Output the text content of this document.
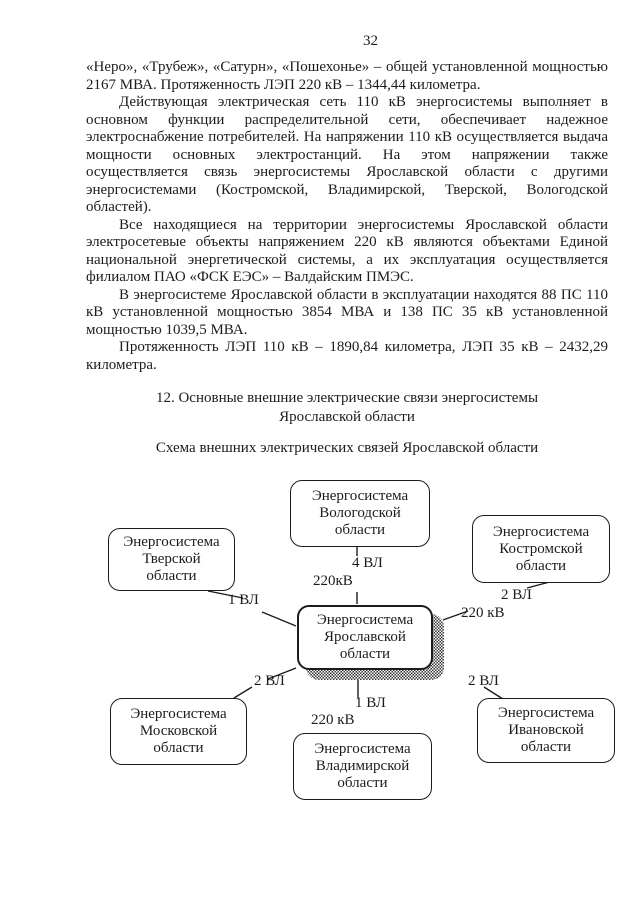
32

«Неро», «Трубеж», «Сатурн», «Пошехонье» – общей установленной мощностью 2167 МВА. Протяженность ЛЭП 220 кВ – 1344,44 километра.

Действующая электрическая сеть 110 кВ энергосистемы выполняет в основном функции распределительной сети, обеспечивает надежное электроснабжение потребителей. На напряжении 110 кВ осуществляется выдача мощности основных электростанций. На этом напряжении также осуществляется связь энергосистемы Ярославской области с другими энергосистемами (Костромской, Владимирской, Тверской, Вологодской областей).

Все находящиеся на территории энергосистемы Ярославской области электросетевые объекты напряжением 220 кВ являются объектами Единой национальной энергетической системы, а их эксплуатация осуществляется филиалом ПАО «ФСК ЕЭС» – Валдайским ПМЭС.

В энергосистеме Ярославской области в эксплуатации находятся 88 ПС 110 кВ установленной мощностью 3854 МВА и 138 ПС 35 кВ установленной мощностью 1039,5 МВА.

Протяженность ЛЭП 110 кВ – 1890,84 километра, ЛЭП 35 кВ – 2432,29 километра.

12. Основные внешние электрические связи энергосистемы
Ярославской области
Схема внешних электрических связей Ярославской области
Энергосистема
Вологодской
области
Энергосистема
Тверской
области
Энергосистема
Костромской
области
Энергосистема
Ярославской
области
Энергосистема
Московской
области	Энергосистема
Владимирской
области
Энергосистема
Ивановской
области
4 ВЛ
220кВ
1 ВЛ	2 ВЛ
220 кВ
2 ВЛ
1 ВЛ
220 кВ
2 ВЛ
